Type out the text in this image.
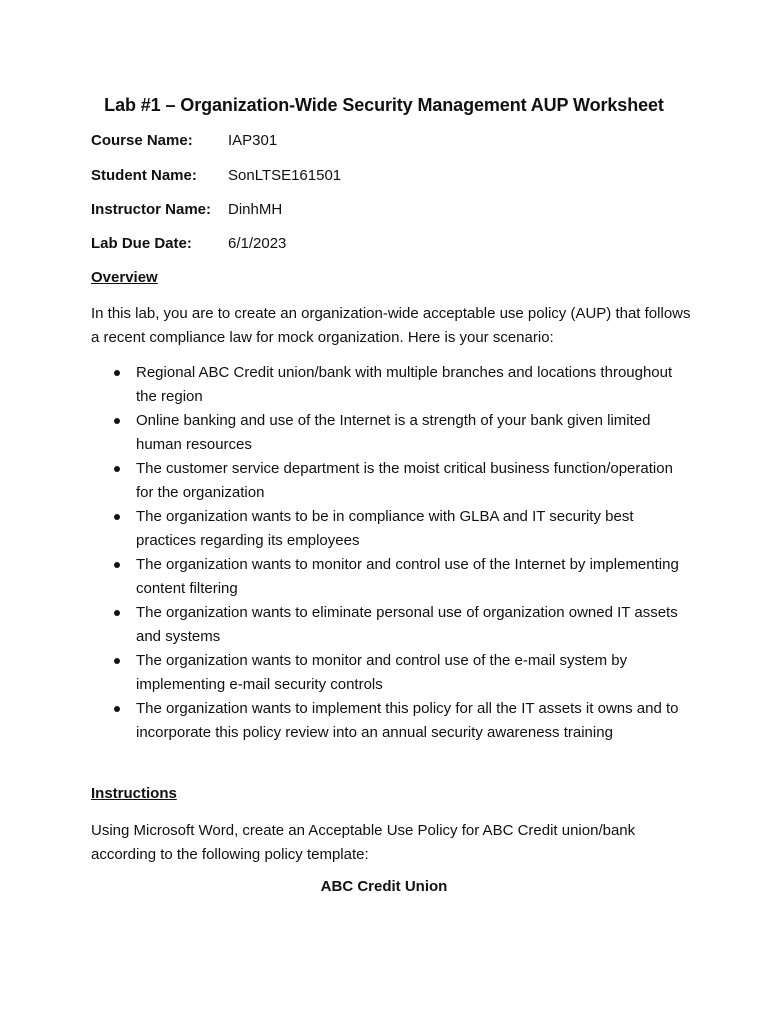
Lab #1 – Organization-Wide Security Management AUP Worksheet
Course Name: IAP301
Student Name: SonLTSE161501
Instructor Name: DinhMH
Lab Due Date: 6/1/2023
Overview
In this lab, you are to create an organization-wide acceptable use policy (AUP) that follows a recent compliance law for mock organization. Here is your scenario:
Regional ABC Credit union/bank with multiple branches and locations throughout the region
Online banking and use of the Internet is a strength of your bank given limited human resources
The customer service department is the moist critical business function/operation for the organization
The organization wants to be in compliance with GLBA and IT security best practices regarding its employees
The organization wants to monitor and control use of the Internet by implementing content filtering
The organization wants to eliminate personal use of organization owned IT assets and systems
The organization wants to monitor and control use of the e-mail system by implementing e-mail security controls
The organization wants to implement this policy for all the IT assets it owns and to incorporate this policy review into an annual security awareness training
Instructions
Using Microsoft Word, create an Acceptable Use Policy for ABC Credit union/bank according to the following policy template:
ABC Credit Union
